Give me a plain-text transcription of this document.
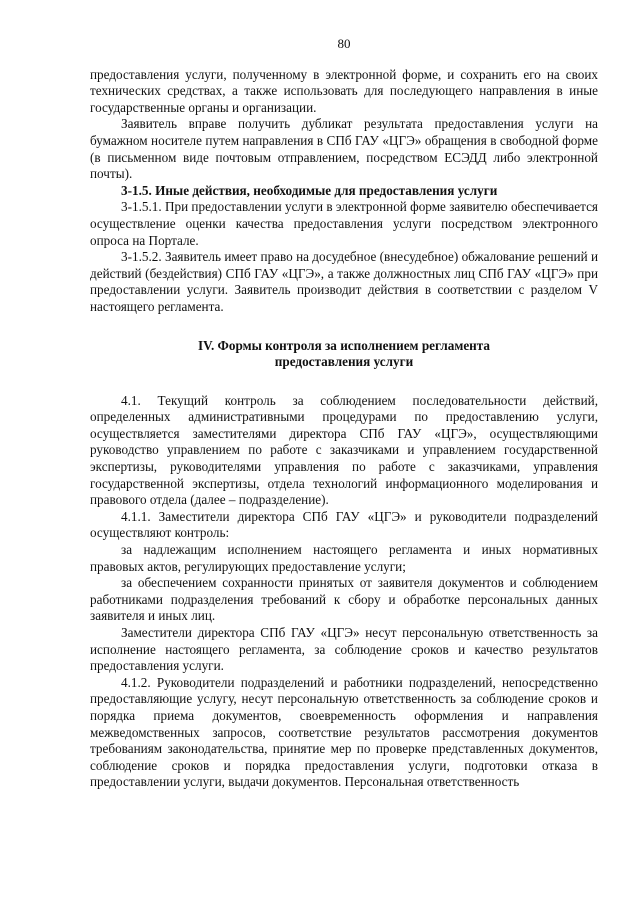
80

предоставления услуги, полученному в электронной форме, и сохранить его на своих технических средствах, а также использовать для последующего направления в иные государственные органы и организации.

Заявитель вправе получить дубликат результата предоставления услуги на бумажном носителе путем направления в СПб ГАУ «ЦГЭ» обращения в свободной форме (в письменном виде почтовым отправлением, посредством ЕСЭДД либо электронной почты).

3-1.5. Иные действия, необходимые для предоставления услуги

3-1.5.1. При предоставлении услуги в электронной форме заявителю обеспечивается осуществление оценки качества предоставления услуги посредством электронного опроса на Портале.

3-1.5.2. Заявитель имеет право на досудебное (внесудебное) обжалование решений и действий (бездействия) СПб ГАУ «ЦГЭ», а также должностных лиц СПб ГАУ «ЦГЭ» при предоставлении услуги. Заявитель производит действия в соответствии с разделом V настоящего регламента.

IV. Формы контроля за исполнением регламента
предоставления услуги

4.1. Текущий контроль за соблюдением последовательности действий, определенных административными процедурами по предоставлению услуги, осуществляется заместителями директора СПб ГАУ «ЦГЭ», осуществляющими руководство управлением по работе с заказчиками и управлением государственной экспертизы, руководителями управления по работе с заказчиками, управления государственной экспертизы, отдела технологий информационного моделирования и правового отдела (далее – подразделение).

4.1.1. Заместители директора СПб ГАУ «ЦГЭ» и руководители подразделений осуществляют контроль:

за надлежащим исполнением настоящего регламента и иных нормативных правовых актов, регулирующих предоставление услуги;

за обеспечением сохранности принятых от заявителя документов и соблюдением работниками подразделения требований к сбору и обработке персональных данных заявителя и иных лиц.

Заместители директора СПб ГАУ «ЦГЭ» несут персональную ответственность за исполнение настоящего регламента, за соблюдение сроков и качество результатов предоставления услуги.

4.1.2. Руководители подразделений и работники подразделений, непосредственно предоставляющие услугу, несут персональную ответственность за соблюдение сроков и порядка приема документов, своевременность оформления и направления межведомственных запросов, соответствие результатов рассмотрения документов требованиям законодательства, принятие мер по проверке представленных документов, соблюдение сроков и порядка предоставления услуги, подготовки отказа в предоставлении услуги, выдачи документов. Персональная ответственность
